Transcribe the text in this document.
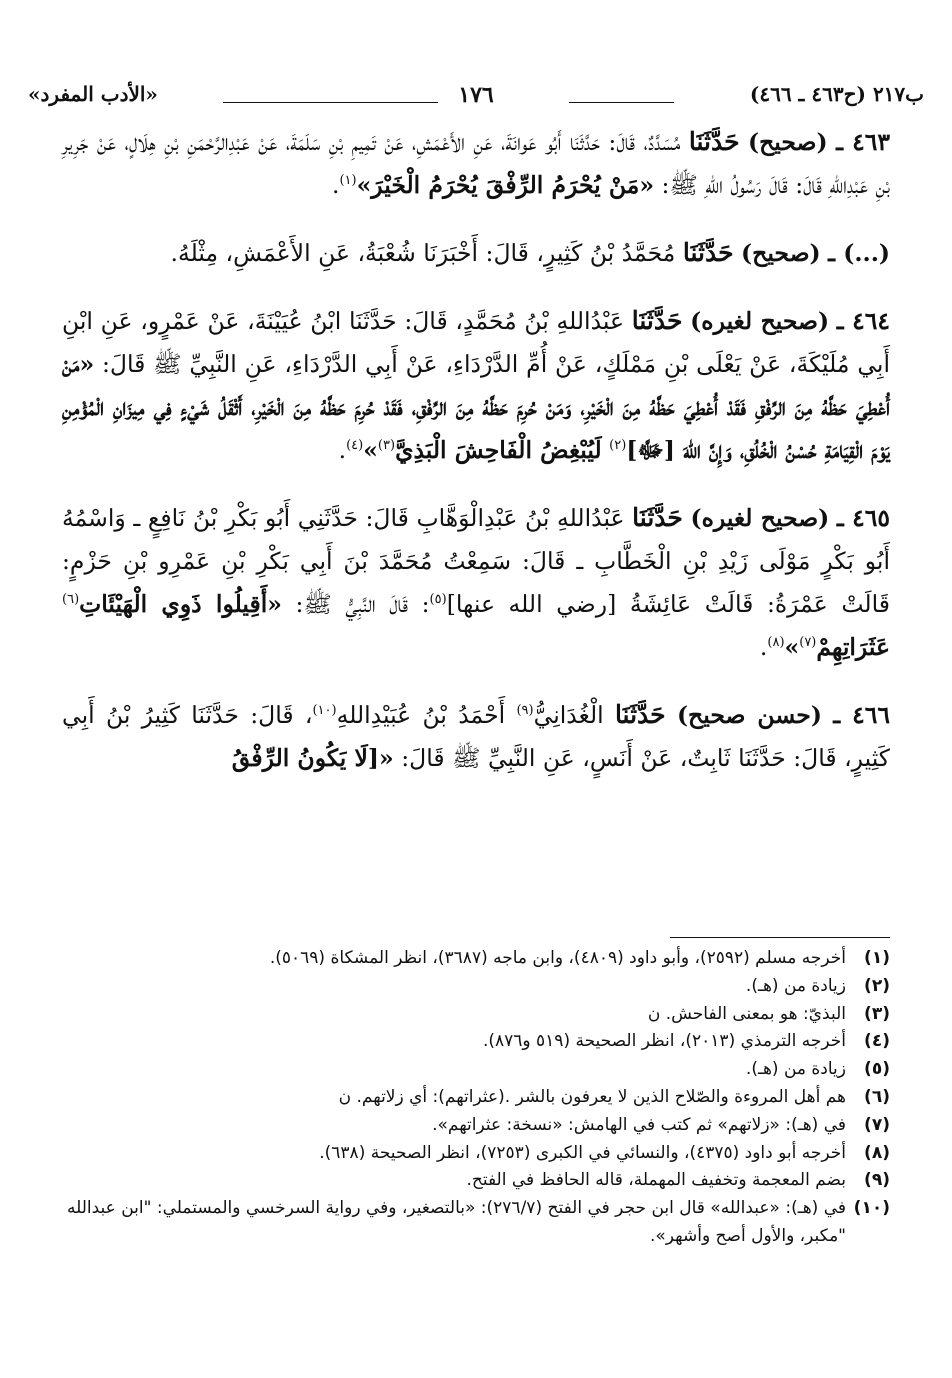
ب٢١٧ (ح٤٦٣ ـ ٤٦٦)
١٧٦
«الأدب المفرد»

٤٦٣ ـ (صحيح) حَدَّثَنَا مُسَدَّدٌ، قَالَ: حَدَّثَنَا أَبُو عَوانَةَ، عَنِ الأَعْمَشِ، عَنْ تَمِيمِ بْنِ سَلَمَةَ، عَنْ عَبْدِالرَّحْمَنِ بْنِ هِلَالٍ، عَنْ جَرِيرِ بْنِ عَبْدِاللهِ قَالَ: قَالَ رَسُولُ اللهِ ﷺ: «مَنْ يُحْرَمُ الرِّفْقَ يُحْرَمُ الْخَيْرَ»$^{(١)}$.

(...) ـ (صحيح) حَدَّثَنَا مُحَمَّدُ بْنُ كَثِيرٍ، قَالَ: أَخْبَرَنَا شُعْبَةُ، عَنِ الأَعْمَشِ، مِثْلَهُ.

٤٦٤ ـ (صحيح لغيره) حَدَّثَنَا عَبْدُاللهِ بْنُ مُحَمَّدٍ، قَالَ: حَدَّثَنَا ابْنُ عُيَيْنَةَ، عَنْ عَمْرٍو، عَنِ ابْنِ أَبِي مُلَيْكَةَ، عَنْ يَعْلَى بْنِ مَمْلَكٍ، عَنْ أُمِّ الدَّرْدَاءِ، عَنْ أَبِي الدَّرْدَاءِ، عَنِ النَّبِيِّ ﷺ قَالَ: «مَنْ أُعْطِيَ حَظَّهُ مِنَ الرِّفْقِ فَقَدْ أُعْطِيَ حَظَّهُ مِنَ الْخَيْرِ، وَمَنْ حُرِمَ حَظَّهُ مِنَ الرِّفْقِ، فَقَدْ حُرِمَ حَظَّهُ مِنَ الْخَيْرِ، أَثْقَلُ شَيْءٍ فِي مِيزَانِ الْمُؤْمِنِ يَوْمَ الْقِيَامَةِ حُسْنُ الْخُلُقِ، وَإِنَّ اللهَ [ﷻ]$^{(٢)}$ لَيُبْغِضُ الْفَاحِشَ الْبَذِيَّ$^{(٣)}$»$^{(٤)}$.

٤٦٥ ـ (صحيح لغيره) حَدَّثَنَا عَبْدُاللهِ بْنُ عَبْدِالْوَهَّابِ قَالَ: حَدَّثَنِي أَبُو بَكْرِ بْنُ نَافِعٍ ـ وَاسْمُهُ أَبُو بَكْرٍ مَوْلَى زَيْدِ بْنِ الْخَطَّابِ ـ قَالَ: سَمِعْتُ مُحَمَّدَ بْنَ أَبِي بَكْرِ بْنِ عَمْرِو بْنِ حَزْمٍ: قَالَتْ عَمْرَةُ: قَالَتْ عَائِشَةُ [رضي الله عنها]$^{(٥)}$: قَالَ النَّبِيُّ ﷺ: «أَقِيلُوا ذَوِي الْهَيْئَاتِ$^{(٦)}$ عَثَرَاتِهِمْ$^{(٧)}$»$^{(٨)}$.

٤٦٦ ـ (حسن صحيح) حَدَّثَنَا الْغُدَانِيُّ$^{(٩)}$ أَحْمَدُ بْنُ عُبَيْدِاللهِ$^{(١٠)}$، قَالَ: حَدَّثَنَا كَثِيرُ بْنُ أَبِي كَثِيرٍ، قَالَ: حَدَّثَنَا ثَابِتٌ، عَنْ أَنَسٍ، عَنِ النَّبِيِّ ﷺ قَالَ: «[لَا يَكُونُ الرِّفْقُ

(١)
أخرجه مسلم (٢٥٩٢)، وأبو داود (٤٨٠٩)، وابن ماجه (٣٦٨٧)، انظر المشكاة (٥٠٦٩).
(٢)
زيادة من (هـ).
(٣)
البذيّ: هو بمعنى الفاحش. ن
(٤)
أخرجه الترمذي (٢٠١٣)، انظر الصحيحة (٥١٩ و٨٧٦).
(٥)
زيادة من (هـ).
(٦)
هم أهل المروءة والصّلاح الذين لا يعرفون بالشر .(عثراتهم): أي زلاتهم. ن
(٧)
في (هـ): «زلاتهم» ثم كتب في الهامش: «نسخة: عثراتهم».
(٨)
أخرجه أبو داود (٤٣٧٥)، والنسائي في الكبرى (٧٢٥٣)، انظر الصحيحة (٦٣٨).
(٩)
بضم المعجمة وتخفيف المهملة، قاله الحافظ في الفتح.
(١٠)
في (هـ): «عبدالله» قال ابن حجر في الفتح (٢٧٦/٧): «بالتصغير، وفي رواية السرخسي والمستملي: "ابن عبدالله "مكبر، والأول أصح وأشهر».
